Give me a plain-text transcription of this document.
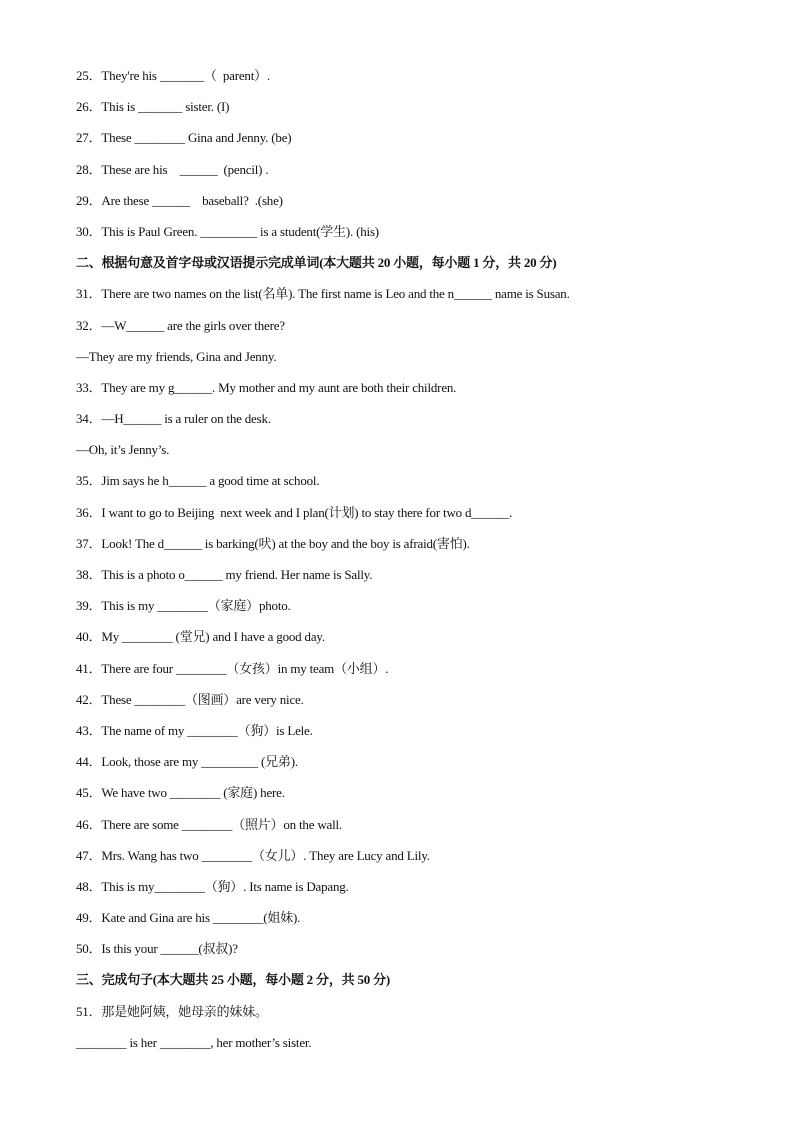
25．They're his _______（  parent）.
26．This is _______ sister. (I)
27．These ________ Gina and Jenny. (be)
28．These are his    ______  (pencil) .
29．Are these ______    baseball?  .(she)
30．This is Paul Green. _________ is a student(学生). (his)
二、根据句意及首字母或汉语提示完成单词(本大题共 20 小题，每小题 1 分，共 20 分)
31．There are two names on the list(名单). The first name is Leo and the n______ name is Susan.
32．—W______ are the girls over there?
—They are my friends, Gina and Jenny.
33．They are my g______. My mother and my aunt are both their children.
34．—H______ is a ruler on the desk.
—Oh, it’s Jenny’s.
35．Jim says he h______ a good time at school.
36．I want to go to Beijing  next week and I plan(计划) to stay there for two d______.
37．Look! The d______ is barking(吠) at the boy and the boy is afraid(害怕).
38．This is a photo o______ my friend. Her name is Sally.
39．This is my ________（家庭）photo.
40．My ________ (堂兄) and I have a good day.
41．There are four ________（女孩）in my team（小组）.
42．These ________（图画）are very nice.
43．The name of my ________（狗）is Lele.
44．Look, those are my _________ (兄弟).
45．We have two ________ (家庭) here.
46．There are some ________（照片）on the wall.
47．Mrs. Wang has two ________（女儿）. They are Lucy and Lily.
48．This is my________（狗）. Its name is Dapang.
49．Kate and Gina are his ________(姐妹).
50．Is this your ______(叔叔)?
三、完成句子(本大题共 25 小题，每小题 2 分，共 50 分)
51．那是她阿姨，她母亲的妹妹。
________ is her ________, her mother’s sister.
